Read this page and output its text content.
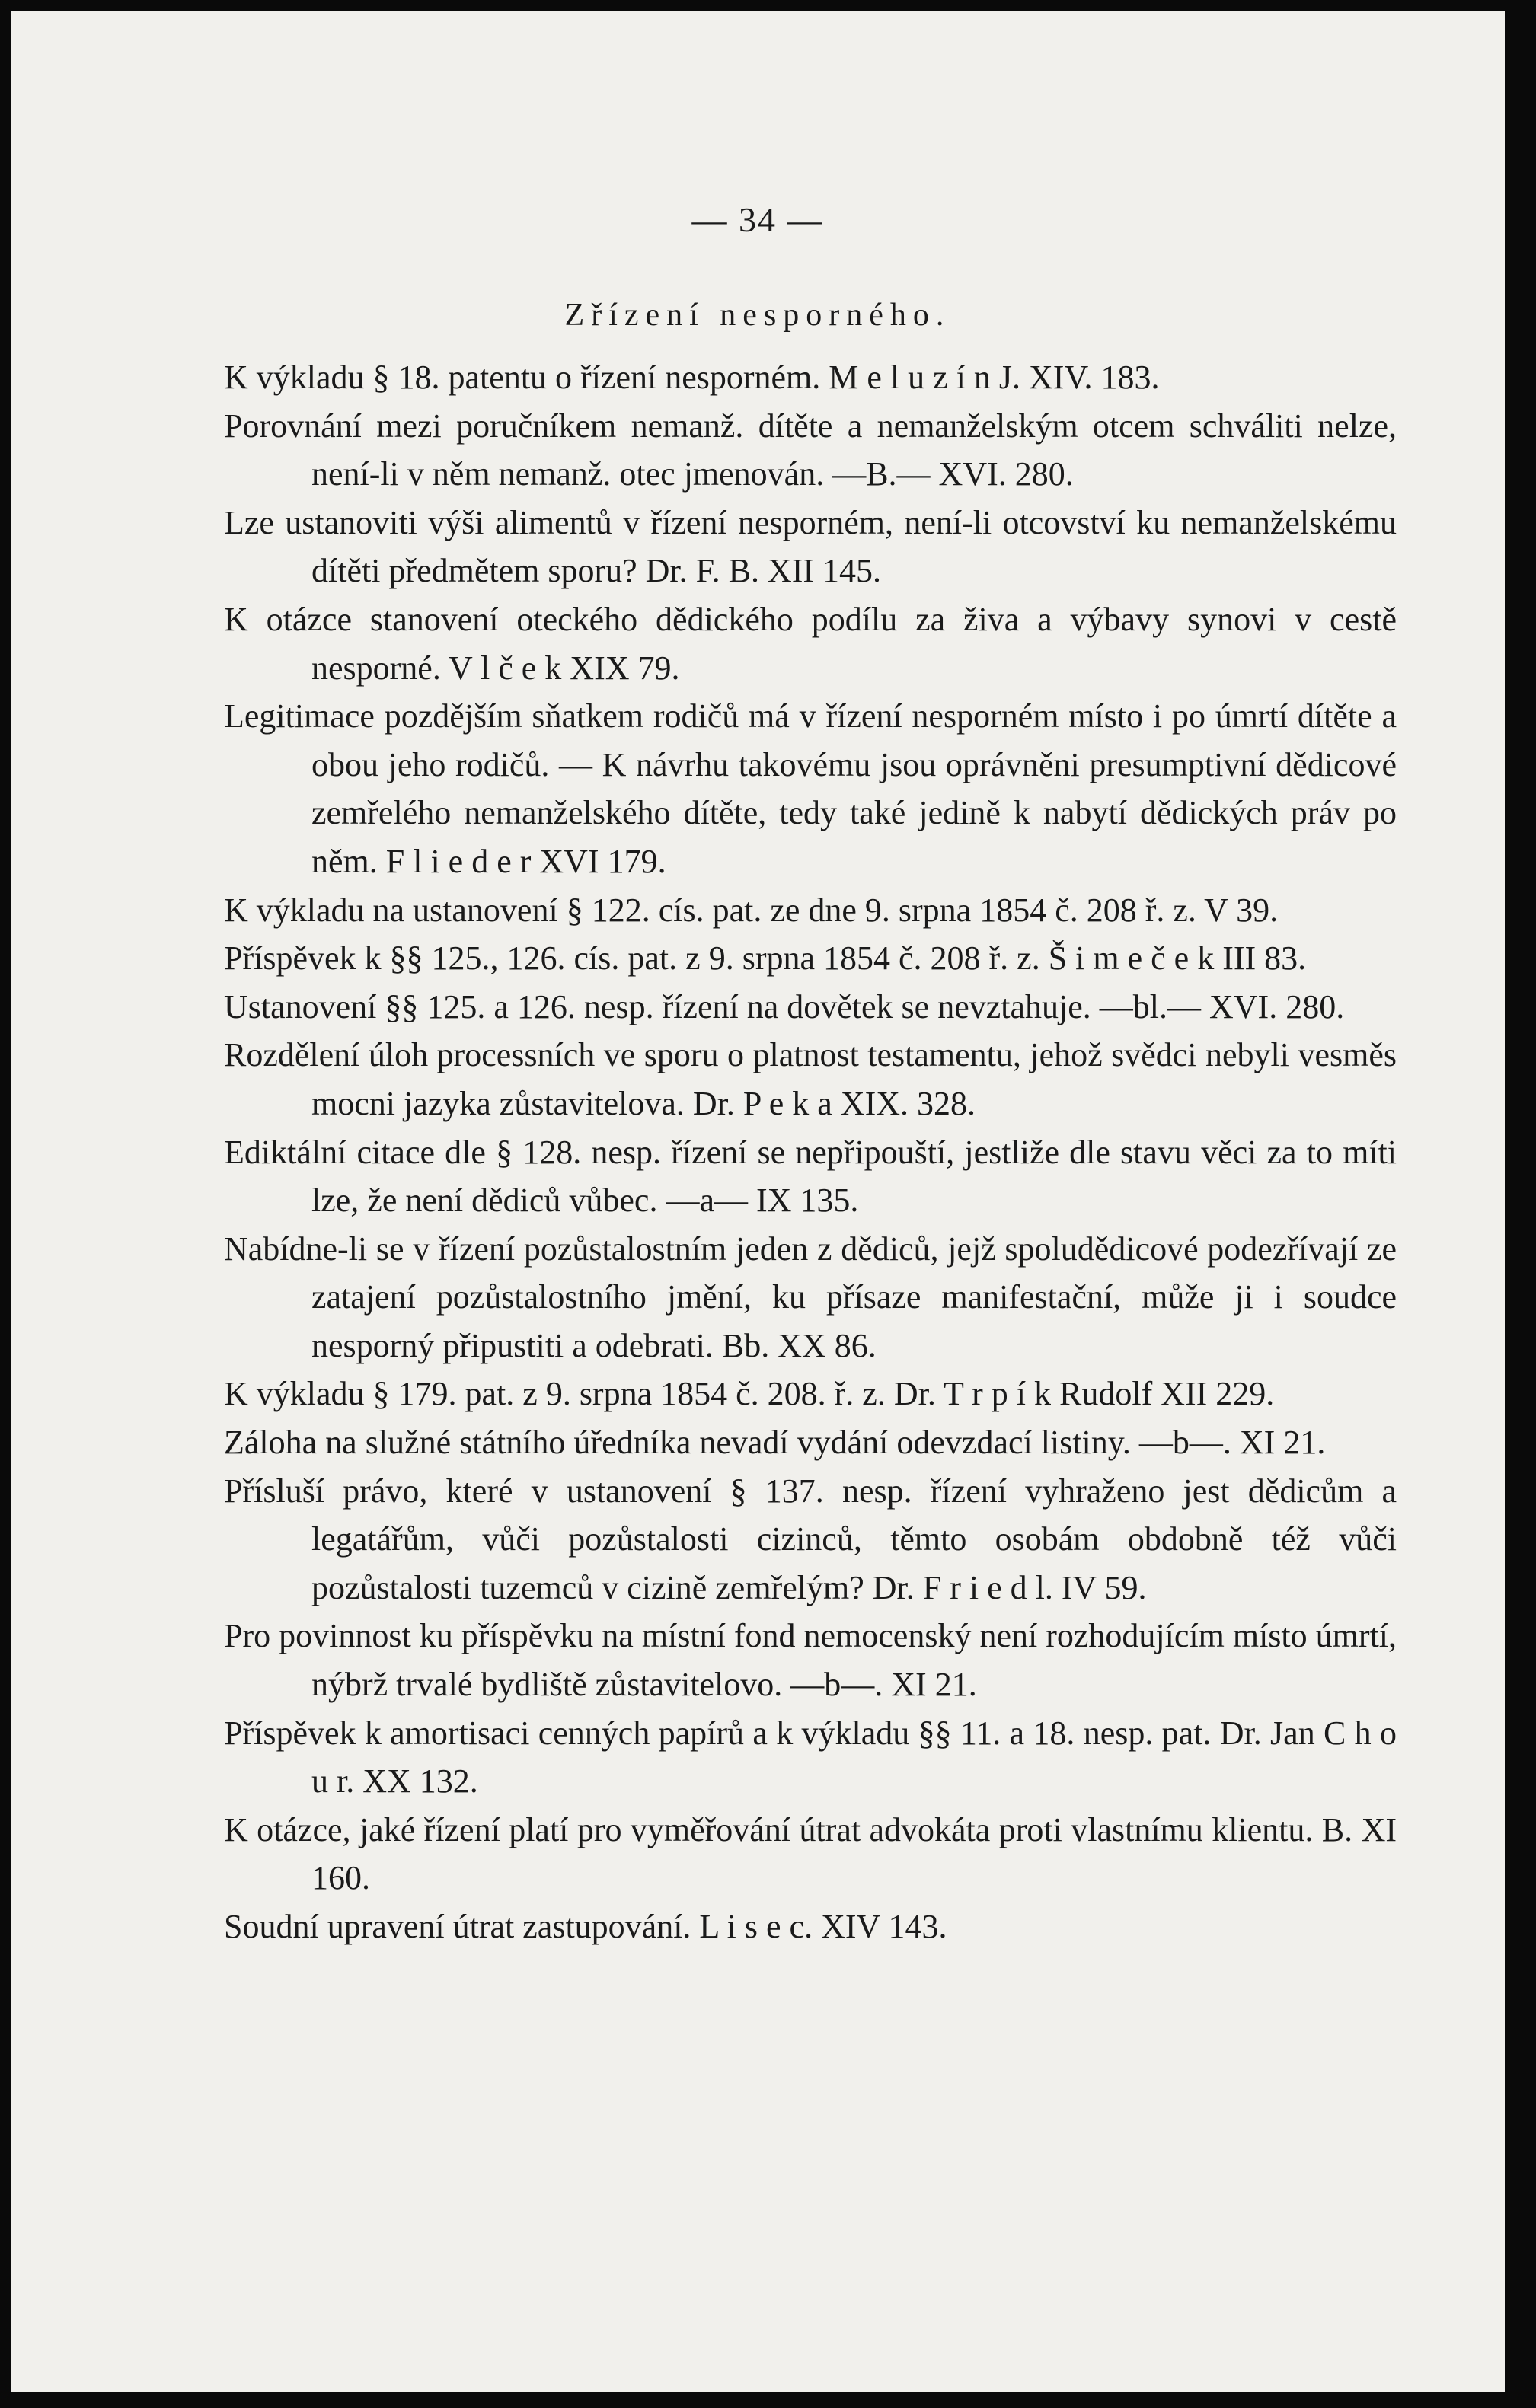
— 34 —
Zřízení nesporného.
K výkladu § 18. patentu o řízení nesporném. M e l u z í n J. XIV. 183.
Porovnání mezi poručníkem nemanž. dítěte a nemanželským otcem schváliti nelze, není-li v něm nemanž. otec jmenován. —B.— XVI. 280.
Lze ustanoviti výši alimentů v řízení nesporném, není-li otcovství ku nemanželskému dítěti předmětem sporu? Dr. F. B. XII 145.
K otázce stanovení oteckého dědického podílu za živa a výbavy synovi v cestě nesporné. V l č e k XIX 79.
Legitimace pozdějším sňatkem rodičů má v řízení nesporném místo i po úmrtí dítěte a obou jeho rodičů. — K návrhu takovému jsou oprávněni presumptivní dědicové zemřelého nemanželského dítěte, tedy také jedině k nabytí dědických práv po něm. F l i e d e r XVI 179.
K výkladu na ustanovení § 122. cís. pat. ze dne 9. srpna 1854 č. 208 ř. z. V 39.
Příspěvek k §§ 125., 126. cís. pat. z 9. srpna 1854 č. 208 ř. z. Š i m e č e k III 83.
Ustanovení §§ 125. a 126. nesp. řízení na dovětek se nevztahuje. —bl.— XVI. 280.
Rozdělení úloh processních ve sporu o platnost testamentu, jehož svědci nebyli vesměs mocni jazyka zůstavitelova. Dr. P e k a XIX. 328.
Ediktální citace dle § 128. nesp. řízení se nepřipouští, jestliže dle stavu věci za to míti lze, že není dědiců vůbec. —a— IX 135.
Nabídne-li se v řízení pozůstalostním jeden z dědiců, jejž spoludědicové podezřívají ze zatajení pozůstalostního jmění, ku přísaze manifestační, může ji i soudce nesporný připustiti a odebrati. Bb. XX 86.
K výkladu § 179. pat. z 9. srpna 1854 č. 208. ř. z. Dr. T r p í k Rudolf XII 229.
Záloha na služné státního úředníka nevadí vydání odevzdací listiny. —b—. XI 21.
Přísluší právo, které v ustanovení § 137. nesp. řízení vyhraženo jest dědicům a legatářům, vůči pozůstalosti cizinců, těmto osobám obdobně též vůči pozůstalosti tuzemců v cizině zemřelým? Dr. F r i e d l. IV 59.
Pro povinnost ku příspěvku na místní fond nemocenský není rozhodujícím místo úmrtí, nýbrž trvalé bydliště zůstavitelovo. —b—. XI 21.
Příspěvek k amortisaci cenných papírů a k výkladu §§ 11. a 18. nesp. pat. Dr. Jan C h o u r. XX 132.
K otázce, jaké řízení platí pro vyměřování útrat advokáta proti vlastnímu klientu. B. XI 160.
Soudní upravení útrat zastupování. L i s e c. XIV 143.
